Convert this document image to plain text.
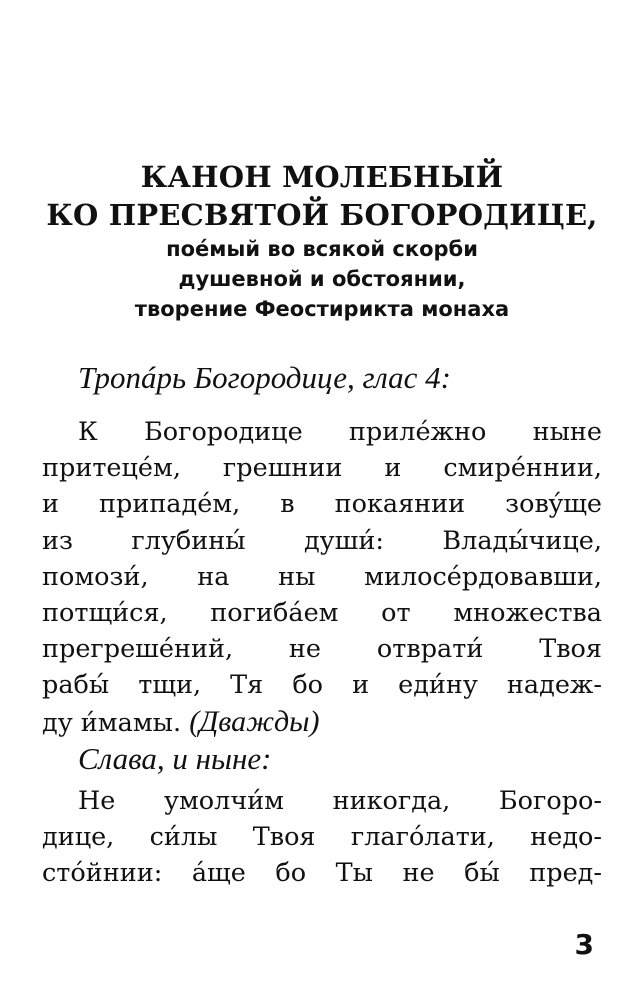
КАНОН МОЛЕБНЫЙ
КО ПРЕСВЯТОЙ БОГОРОДИЦЕ,
поéмый во всякой скорби
душевной и обстоянии,
творение Феостирикта монаха
Тропáрь Богородице, глас 4:
К Богородице прилéжно ныне
притецéм, грешнии и смирéннии,
и припадéм, в покаянии зовýще
из глубины́ души́: Влады́чице,
помози́, на ны милосéрдовавши,
потщи́ся, погибáем от множества
прегрешéний, не отврати́ Твоя
рабы́ тщи, Тя бо и еди́ну надеж-
ду и́мамы. (Дважды)
Слава, и ныне:
Не умолчи́м никогда, Богоро-
дице, си́лы Твоя глагóлати, недо-
стóйнии: áще бо Ты не бы́ пред-
3
